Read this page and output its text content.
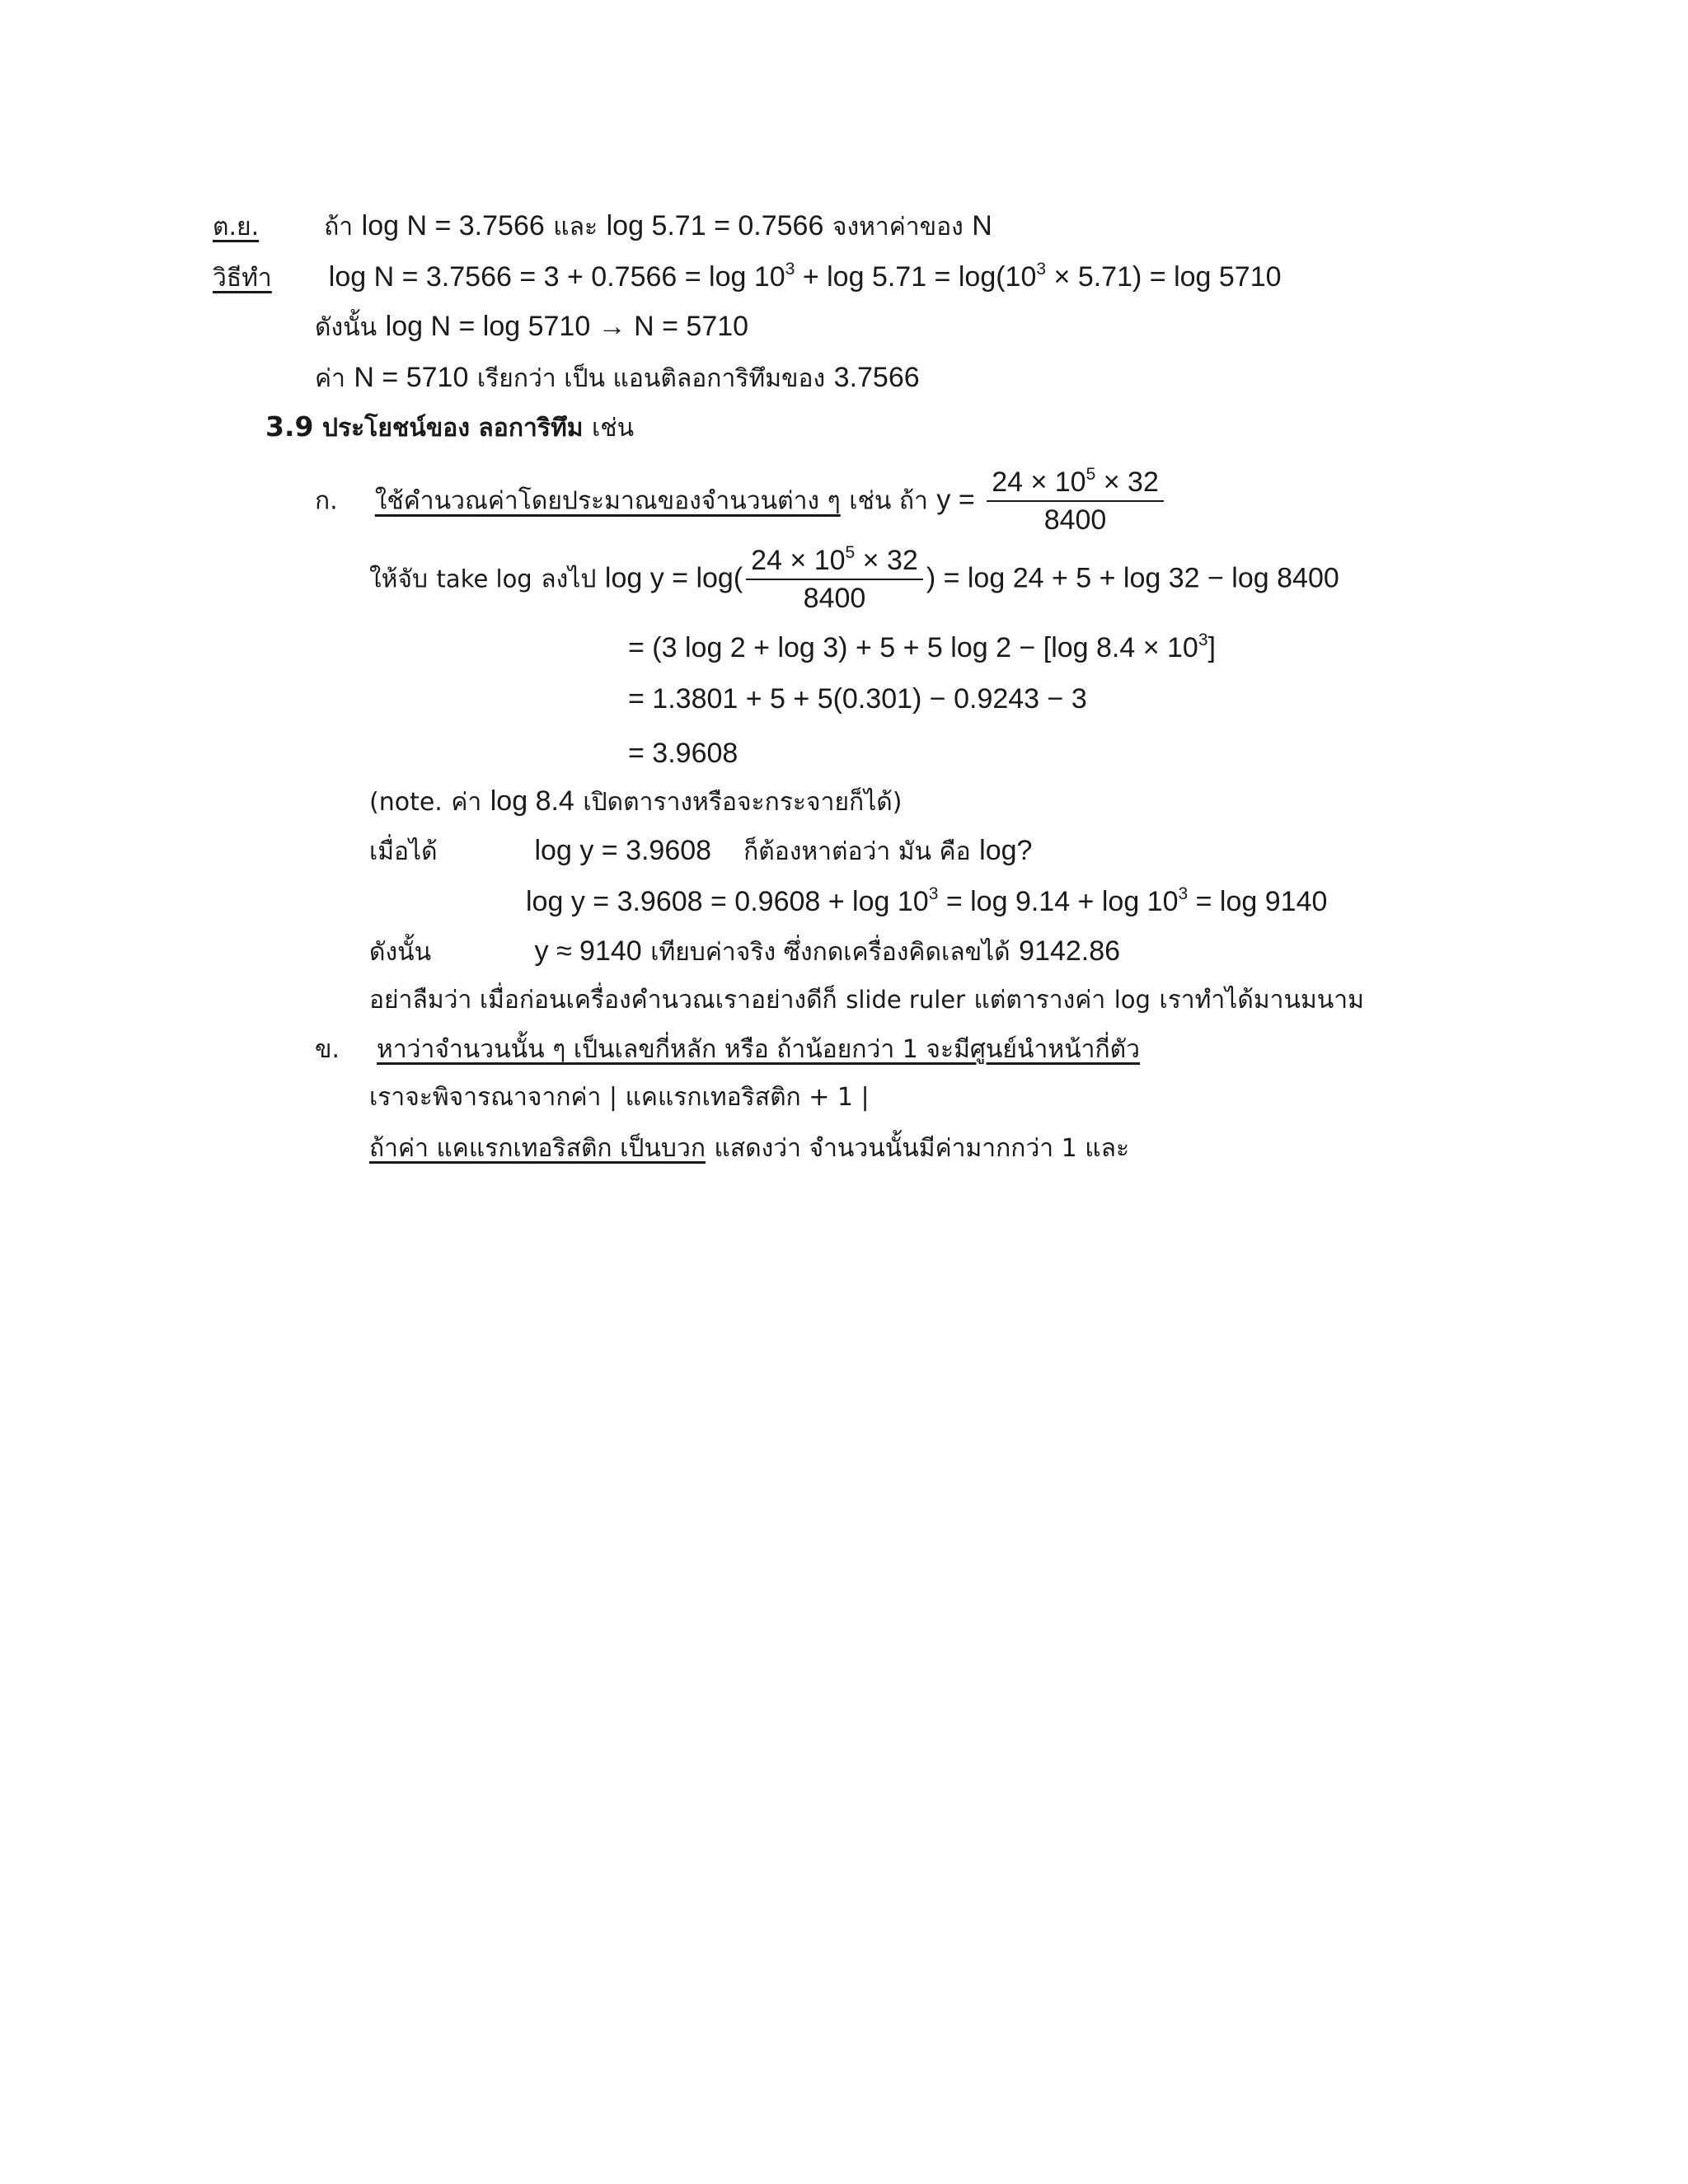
ต.ย.	ถ้า log N = 3.7566 และ log 5.71 = 0.7566 จงหาค่าของ N
วิธีทำ $\log N = 3.7566 = 3 + 0.7566 = \log 10^3 + \log 5.71 = \log(10^3 \times 5.71) = \log 5710$
ดังนั้น log N = log 5710 → N = 5710
ค่า N = 5710 เรียกว่า เป็น แอนติลอการิทึมของ 3.7566
3.9 ประโยชน์ของ ลอการิทึม เช่น
ก. ใช้คำนวณค่าโดยประมาณของจำนวนต่าง ๆ เช่น ถ้า $y = \frac{24 \times 10^5 \times 32}{8400}$
ให้จับ take log ลงไป $\log y = \log( \frac{24 \times 10^5 \times 32}{8400}$ ) = log 24 + 5 + log 32 − log 8400
= (3 log 2 + log 3) + 5 + 5 log 2 − [log $8.4 \times 10^3$]
= 1.3801 + 5 + 5(0.301) − 0.9243 − 3
= 3.9608
(note. ค่า log 8.4 เปิดตารางหรือจะกระจายก็ได้)
เมื่อได้	log y = 3.9608 ก็ต้องหาต่อว่า มัน คือ log?
$\log y = 3.9608 = 0.9608 + \log 10^3 = \log 9.14 + \log 10^3 = \log 9140$
ดังนั้น	y ≈ 9140 เทียบค่าจริง ซึ่งกดเครื่องคิดเลขได้ 9142.86
อย่าลืมว่า เมื่อก่อนเครื่องคำนวณเราอย่างดีก็ slide ruler แต่ตารางค่า log เราทำได้มานมนาม
ข. หาว่าจำนวนนั้น ๆ เป็นเลขกี่หลัก หรือ ถ้าน้อยกว่า 1 จะมีศูนย์นำหน้ากี่ตัว
เราจะพิจารณาจากค่า | แคแรกเทอริสติก + 1 |
ถ้าค่า แคแรกเทอริสติก เป็นบวก แสดงว่า จำนวนนั้นมีค่ามากกว่า 1 และ
